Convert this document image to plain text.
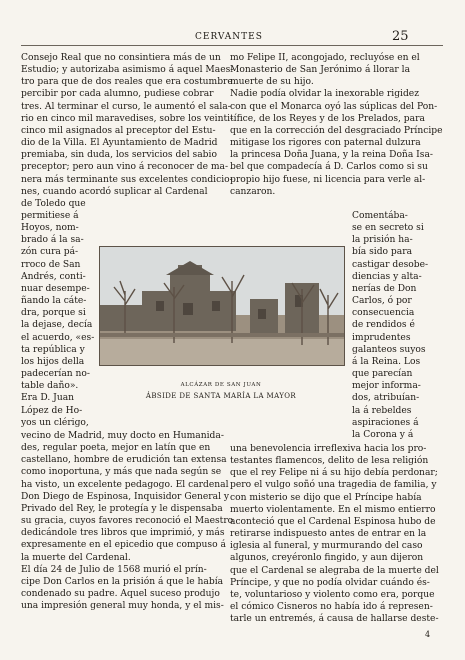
CERVANTES	25
Consejo Real que no consintiera más de un
Estudio; y autorizaba asimismo á aquel Maes-
tro para que de dos reales que era costumbre
percibir por cada alumno, pudiese cobrar
tres. Al terminar el curso, le aumentó el sala-
rio en cinco mil maravedises, sobre los veinti-
cinco mil asignados al preceptor del Estu-
dio de la Villa. El Ayuntamiento de Madrid
premiaba, sin duda, los servicios del sabio
preceptor; pero aun vino á reconocer de ma-
nera más terminante sus excelentes condicio-
nes, cuando acordó suplicar al Cardenal
de Toledo que
permitiese á
Hoyos, nom-
brado á la sa-
zón cura pá-
rroco de San
Andrés, conti-
nuar desempe-
ñando la cáte-
dra, porque si
la dejase, decía
el acuerdo, «es-
ta república y
los hijos della
padecerían no-
table daño».
Era D. Juan
López de Ho-
yos un clérigo,
vecino de Madrid, muy docto en Humanida-
des, regular poeta, mejor en latín que en
castellano, hombre de erudición tan extensa
como inoportuna, y más que nada según se
ha visto, un excelente pedagogo. El cardenal
Don Diego de Espinosa, Inquisidor General y
Privado del Rey, le protegía y le dispensaba
su gracia, cuyos favores reconoció el Maestro
dedicándole tres libros que imprimió, y más
expresamente en el epicedio que compuso á
la muerte del Cardenal.
El día 24 de Julio de 1568 murió el prín-
cipe Don Carlos en la prisión á que le había
condenado su padre. Aquel suceso produjo
una impresión general muy honda, y el mis-
mo Felipe II, acongojado, recluyóse en el
Monasterio de San Jerónimo á llorar la
muerte de su hijo.
Nadie podía olvidar la inexorable rigidez
con que el Monarca oyó las súplicas del Pon-
tífice, de los Reyes y de los Prelados, para
que en la corrección del desgraciado Príncipe
mitigase los rigores con paternal dulzura
la princesa Doña Juana, y la reina Doña Isa-
bel que compadecía á D. Carlos como si su
propio hijo fuese, ni licencia para verle al-
canzaron.
Comentába-
se en secreto si
la prisión ha-
bía sido para
castigar desobe-
diencias y alta-
nerías de Don
Carlos, ó por
consecuencia
de rendidos é
imprudentes
galanteos suyos
á la Reina. Los
que parecían
mejor informa-
dos, atribuían-
la á rebeldes
aspiraciones á
la Corona y á
una benevolencia irreflexiva hacia los pro-
testantes flamencos, delito de lesa religión
que el rey Felipe ni á su hijo debía perdonar;
pero el vulgo soñó una tragedia de familia, y
con misterio se dijo que el Príncipe había
muerto violentamente. En el mismo entierro
aconteció que el Cardenal Espinosa hubo de
retirarse indispuesto antes de entrar en la
iglesia al funeral, y murmurando del caso
algunos, creyéronlo fingido, y aun dijeron
que el Cardenal se alegraba de la muerte del
Príncipe, y que no podía olvidar cuándo és-
te, voluntarioso y violento como era, porque
el cómico Cisneros no había ido á represen-
tarle un entremés, á causa de hallarse deste-
ALCÁZAR DE SAN JUAN
ÁBSIDE DE SANTA MARÍA LA MAYOR
4
